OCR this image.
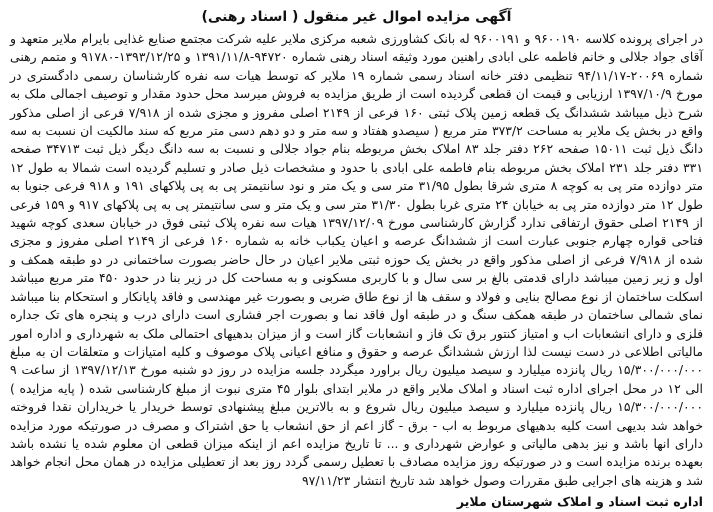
آگهی مزایده اموال غیر منقول ( اسناد رهنی)

در اجرای پرونده کلاسه ۹۶۰۰۱۹۰ و ۹۶۰۰۱۹۱ له بانک کشاورزی شعبه مرکزی ملایر علیه شرکت مجتمع صنایع غذایی بایرام ملایر متعهد و آقای جواد جلالی و خانم فاطمه علی ابادی راهنین مورد وثیقه اسناد رهنی شماره ۹۴۷۲۰-۱۳۹۱/۱۱/۸ و ۱۳۹۳/۱۲/۲۵-۹۱۷۸۰ و متمم رهنی شماره ۲۰۰۶۹-۹۴/۱۱/۱۷ تنظیمی دفتر خانه اسناد رسمی شماره ۱۹ ملایر که توسط هیات سه نفره کارشناسان رسمی دادگستری در مورخ ۱۳۹۷/۱۰/۹ ارزیابی و قیمت ان قطعی گردیده است از طریق مزایده به فروش میرسد محل حدود مقدار و توصیف اجمالی ملک به شرح ذیل میباشد ششدانگ یک قطعه زمین پلاک ثبتی ۱۶۰ فرعی از ۲۱۴۹ اصلی مفروز و مجزی شده از ۷/۹۱۸ فرعی از اصلی مذکور واقع در بخش یک ملایر به مساحت ۳۷۳/۲ متر مربع ( سیصدو هفتاد و سه متر و دو دهم دسی متر مربع که سند مالکیت ان نسبت به سه دانگ ذیل ثبت ۱۵۰۱۱ صفحه ۲۶۲ دفتر جلد ۸۳ املاک بخش مربوطه بنام جواد جلالی و نسبت به سه دانگ دیگر ذیل ثبت ۳۴۷۱۳ صفحه ۳۳۱ دفتر جلد ۲۳۱ املاک بخش مربوطه بنام فاطمه علی ابادی با حدود و مشخصات ذیل صادر و تسلیم گردیده است شمالا به طول ۱۲ متر دوازده متر پی به کوچه ۸ متری شرقا بطول ۳۱/۹۵ متر سی و یک متر و نود سانتیمتر پی به پی پلاکهای ۱۹۱ و ۹۱۸ فرعی جنوبا به طول ۱۲ متر دوازده متر پی به خیابان ۲۴ متری غربا بطول ۳۱/۳۰ متر سی و یک متر و سی سانتیمتر پی به پی پلاکهای ۹۱۷ و ۱۵۹ فرعی از ۲۱۴۹ اصلی حقوق ارتفاقی ندارد گزارش کارشناسی مورخ ۱۳۹۷/۱۲/۰۹ هیات سه نفره پلاک ثبتی فوق در خیابان سعدی کوچه شهید فتاحی قواره چهارم جنوبی عبارت است از ششدانگ عرصه و اعیان یکباب خانه به شماره ۱۶۰ فرعی از ۲۱۴۹ اصلی مفروز و مجزی شده از ۷/۹۱۸ فرعی از اصلی مذکور واقع در بخش یک حوزه ثبتی ملایر اعیان در حال حاضر بصورت ساختمانی در دو طبقه همکف و اول و زیر زمین میباشد دارای قدمتی بالغ بر سی سال و با کاربری مسکونی و به مساحت کل در زیر بنا در حدود ۴۵۰ متر مربع میباشد اسکلت ساختمان از نوع مصالح بنایی و فولاد و سقف ها از نوع طاق ضربی و بصورت غیر مهندسی و فاقد پایانکار و استحکام بنا میباشد نمای شمالی ساختمان در طبقه همکف سنگ و در طبقه اول فاقد نما و بصورت اجر فشاری است دارای درب و پنجره های تک جداره فلزی و دارای انشعابات اب و امتیاز کنتور برق تک فاز و انشعابات گاز است و از میزان بدهیهای احتمالی ملک به شهرداری و اداره امور مالیاتی اطلاعی در دست نیست لذا ارزش ششدانگ عرصه و حقوق و منافع اعیانی پلاک موصوف و کلیه امتیازات و متعلقات ان به مبلغ ۱۵/۳۰۰/۰۰۰/۰۰۰ ریال پانزده میلیارد و سیصد میلیون ریال براورد میگردد جلسه مزایده در روز دو شنبه مورخ ۱۳۹۷/۱۲/۱۳ از ساعت ۹ الی ۱۲ در محل اجرای اداره ثبت اسناد و املاک ملایر واقع در ملایر ابتدای بلوار ۴۵ متری نبوت از مبلغ کارشناسی شده ( پایه مزایده ) ۱۵/۳۰۰/۰۰۰/۰۰۰ ریال پانزده میلیارد و سیصد میلیون ریال شروع و به بالاترین مبلغ پیشنهادی توسط خریدار یا خریداران نقدا فروخته خواهد شد بدیهی است کلیه بدهیهای مربوط به اب - برق - گاز اعم از حق انشعاب یا حق اشتراک و مصرف در صورتیکه مورد مزایده دارای انها باشد و نیز بدهی مالیاتی و عوارض شهرداری و ... تا تاریخ مزایده اعم از اینکه میزان قطعی ان معلوم شده یا نشده باشد بعهده برنده مزایده است و در صورتیکه روز مزایده مصادف با تعطیل رسمی گردد روز بعد از تعطیلی مزایده در همان محل انجام خواهد شد و هزینه های اجرایی طبق مقررات وصول خواهد شد تاریخ انتشار ۹۷/۱۱/۲۳

اداره ثبت اسناد و املاک شهرستان ملایر
